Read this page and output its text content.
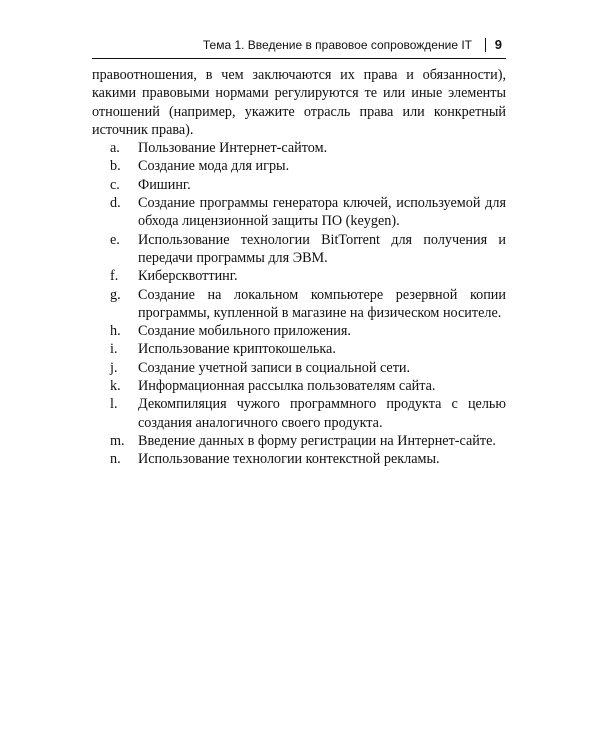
Тема 1. Введение в правовое сопровождение IT 9

правоотношения, в чем заключаются их права и обязанности), какими правовыми нормами регулируются те или иные элементы отношений (например, укажите отрасль права или конкретный источник права).

a. Пользование Интернет-сайтом.
b. Создание мода для игры.
c. Фишинг.
d. Создание программы генератора ключей, используемой для обхода лицензионной защиты ПО (keygen).
e. Использование технологии BitTorrent для получения и передачи программы для ЭВМ.
f. Киберсквоттинг.
g. Создание на локальном компьютере резервной копии программы, купленной в магазине на физическом носителе.
h. Создание мобильного приложения.
i. Использование криптокошелька.
j. Создание учетной записи в социальной сети.
k. Информационная рассылка пользователям сайта.
l. Декомпиляция чужого программного продукта с целью создания аналогичного своего продукта.
m. Введение данных в форму регистрации на Интернет-сайте.
n. Использование технологии контекстной рекламы.
